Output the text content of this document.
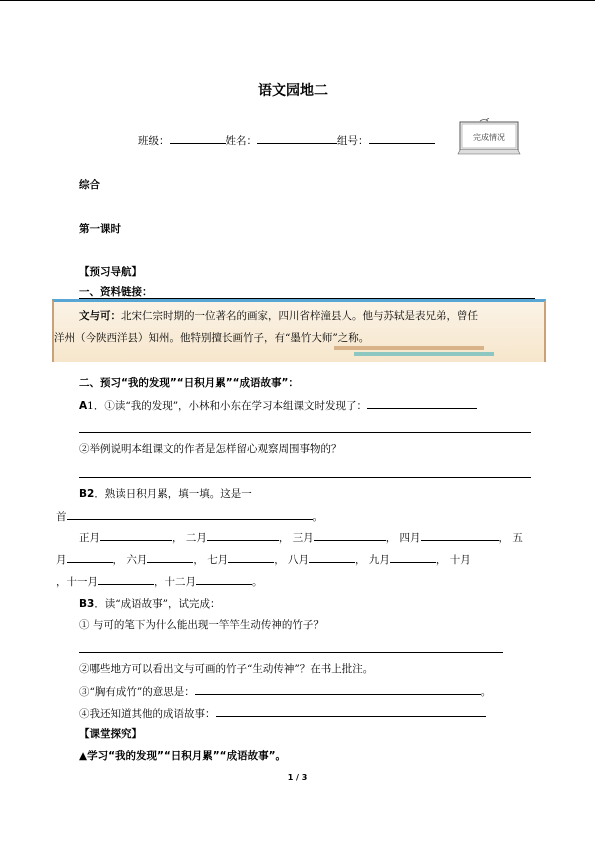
语文园地二
班级：	姓名：	组号：	完成情况
综合
第一课时
【预习导航】
一、资料链接：
文与可：北宋仁宗时期的一位著名的画家，四川省梓潼县人。他与苏轼是表兄弟，曾任
洋州（今陕西洋县）知州。他特别擅长画竹子，有“墨竹大师”之称。
二、预习“我的发现”“日积月累”“成语故事”：
A1．①读“我的发现”，小林和小东在学习本组课文时发现了：
②举例说明本组课文的作者是怎样留心观察周围事物的？
B2．熟读日积月累，填一填。这是一
首	。
正月	， 二月	， 三月	， 四月	， 五
月	， 六月	， 七月	， 八月	， 九月	， 十月
，十一月	，十二月	。
B3．读“成语故事”，试完成：
① 与可的笔下为什么能出现一竿竿生动传神的竹子？
②哪些地方可以看出文与可画的竹子“生动传神”？在书上批注。
③“胸有成竹”的意思是：	。
④我还知道其他的成语故事：
【课堂探究】
▲学习“我的发现”“日积月累”“成语故事”。
1 / 3
